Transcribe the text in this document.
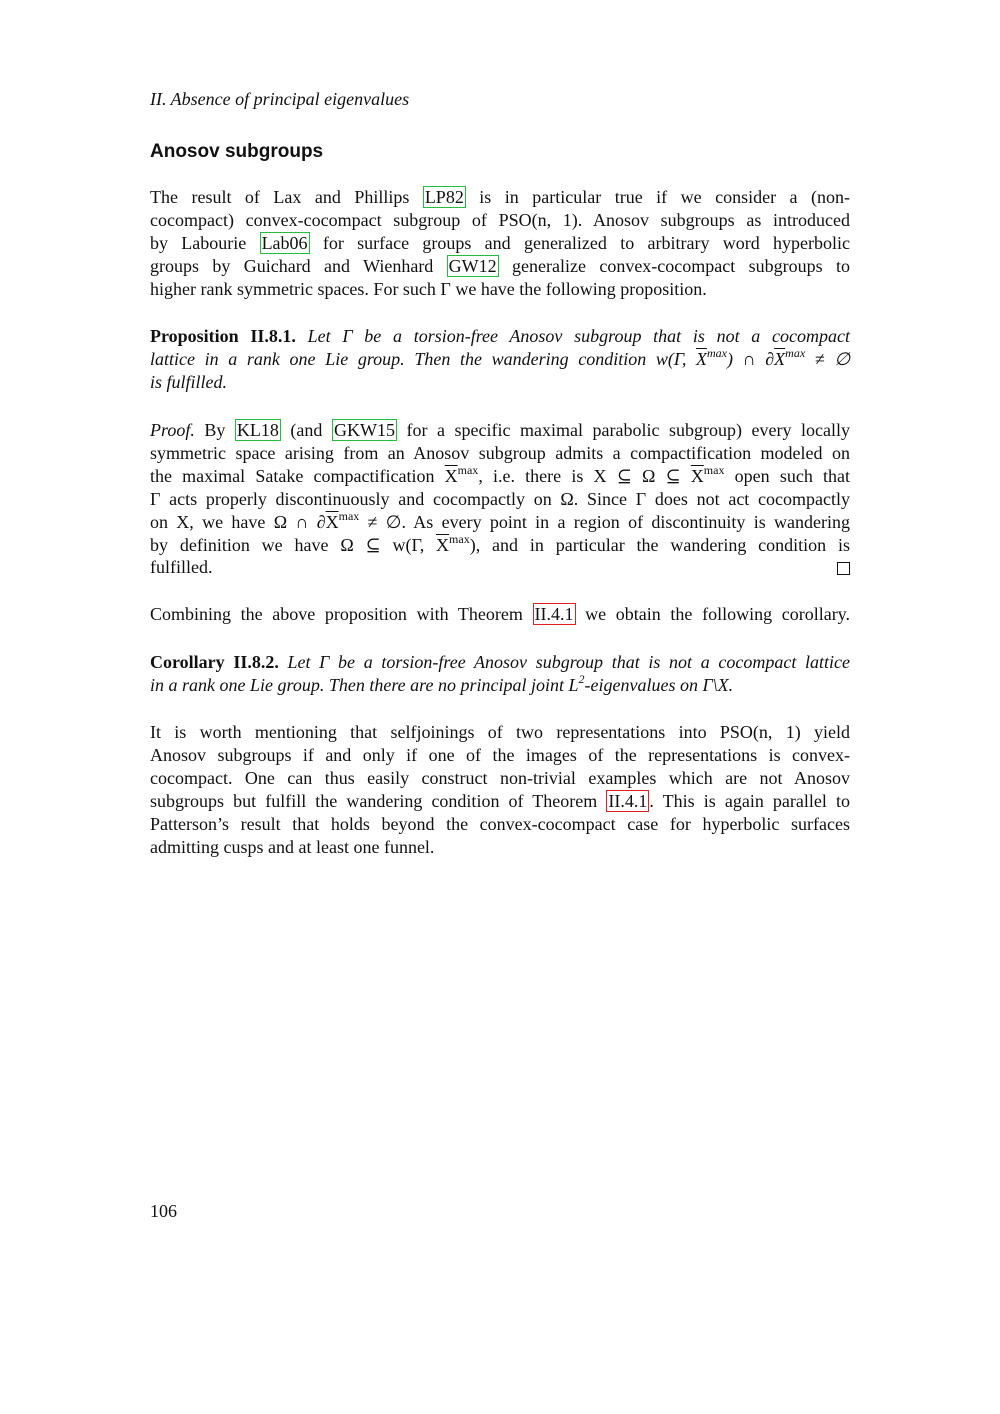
II. Absence of principal eigenvalues
Anosov subgroups
The result of Lax and Phillips LP82 is in particular true if we consider a (non-
cocompact) convex-cocompact subgroup of PSO(n, 1). Anosov subgroups as introduced
by Labourie Lab06 for surface groups and generalized to arbitrary word hyperbolic
groups by Guichard and Wienhard GW12 generalize convex-cocompact subgroups to
higher rank symmetric spaces. For such Γ we have the following proposition.
Proposition II.8.1. Let Γ be a torsion-free Anosov subgroup that is not a cocompact
lattice in a rank one Lie group. Then the wandering condition w(Γ, $\overline{X}^{max}$) ∩ $\partial\overline{X}^{max}$ ≠ ∅
is fulfilled.
Proof. By KL18 (and GKW15 for a specific maximal parabolic subgroup) every locally
symmetric space arising from an Anosov subgroup admits a compactification modeled on
the maximal Satake compactification $\overline{X}^{max}$, i.e. there is X ⊆ Ω ⊆ $\overline{X}^{max}$ open such that
Γ acts properly discontinuously and cocompactly on Ω. Since Γ does not act cocompactly
on X, we have Ω ∩ $\partial\overline{X}^{max}$ ≠ ∅. As every point in a region of discontinuity is wandering
by definition we have Ω ⊆ w(Γ, $\overline{X}^{max}$), and in particular the wandering condition is
fulfilled.
Combining the above proposition with Theorem II.4.1 we obtain the following corollary.
Corollary II.8.2. Let Γ be a torsion-free Anosov subgroup that is not a cocompact lattice
in a rank one Lie group. Then there are no principal joint $L^2$-eigenvalues on Γ\X.
It is worth mentioning that selfjoinings of two representations into PSO(n, 1) yield
Anosov subgroups if and only if one of the images of the representations is convex-
cocompact. One can thus easily construct non-trivial examples which are not Anosov
subgroups but fulfill the wandering condition of Theorem II.4.1 . This is again parallel to
Patterson’s result that holds beyond the convex-cocompact case for hyperbolic surfaces
admitting cusps and at least one funnel.
106
